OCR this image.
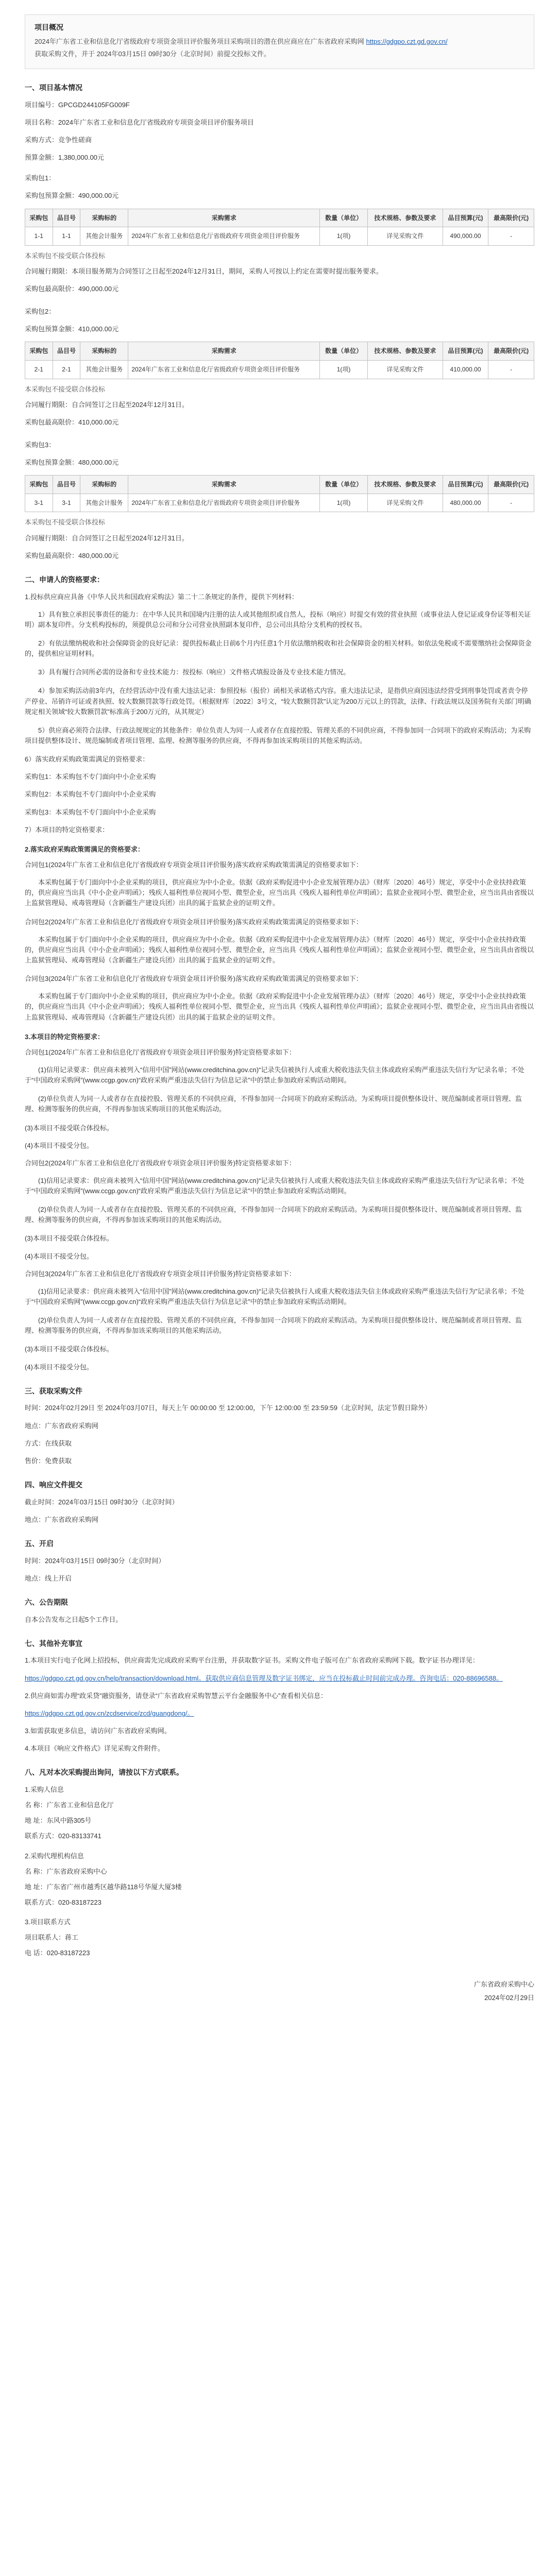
项目概况

2024年广东省工业和信息化厅省级政府专项资金项目评价服务项目采购项目的潜在供应商应在广东省政府采购网 https://gdgpo.czt.gd.gov.cn/

获取采购文件，并于 2024年03月15日 09时30分（北京时间）前提交投标文件。

一、项目基本情况

项目编号：GPCGD244105FG009F

项目名称：2024年广东省工业和信息化厅省级政府专项资金项目评价服务项目

采购方式：竞争性磋商

预算金额：1,380,000.00元

采购包1：

采购包预算金额：490,000.00元

采购包	品目号	采购标的	采购需求	数量（单位）	技术规格、参数及要求	品目预算(元)	最高限价(元)
1-1	1-1	其他会计服务	2024年广东省工业和信息化厅省级政府专项资金项目评价服务	1(项)	详见采购文件	490,000.00	-

本采购包不接受联合体投标

合同履行期限：本项目服务期为合同签订之日起至2024年12月31日，期间，采购人可按以上约定在需要时提出服务要求。

采购包最高限价：490,000.00元

采购包2：

采购包预算金额：410,000.00元

采购包	品目号	采购标的	采购需求	数量（单位）	技术规格、参数及要求	品目预算(元)	最高限价(元)
2-1	2-1	其他会计服务	2024年广东省工业和信息化厅省级政府专项资金项目评价服务	1(项)	详见采购文件	410,000.00	-

本采购包不接受联合体投标

合同履行期限：自合同签订之日起至2024年12月31日。

采购包最高限价：410,000.00元

采购包3：

采购包预算金额：480,000.00元

采购包	品目号	采购标的	采购需求	数量（单位）	技术规格、参数及要求	品目预算(元)	最高限价(元)
3-1	3-1	其他会计服务	2024年广东省工业和信息化厅省级政府专项资金项目评价服务	1(项)	详见采购文件	480,000.00	-

本采购包不接受联合体投标

合同履行期限：自合同签订之日起至2024年12月31日。

采购包最高限价：480,000.00元

二、申请人的资格要求：

1.投标供应商应具备《中华人民共和国政府采购法》第二十二条规定的条件，提供下列材料：

1）具有独立承担民事责任的能力：在中华人民共和国境内注册的法人或其他组织或自然人，投标（响应）时提交有效的营业执照（或事业法人登记证或身份证等相关证明）副本复印件。分支机构投标的，须提供总公司和分公司营业执照副本复印件，总公司出具给分支机构的授权书。

2）有依法缴纳税收和社会保障资金的良好记录：提供投标截止日前6个月内任意1个月依法缴纳税收和社会保障资金的相关材料。如依法免税或不需要缴纳社会保障资金的，提供相应证明材料。

3）具有履行合同所必需的设备和专业技术能力：按投标（响应）文件格式填报设备及专业技术能力情况。

4）参加采购活动前3年内，在经营活动中没有重大违法记录：参照投标（报价）函相关承诺格式内容。重大违法记录，是指供应商因违法经营受到刑事处罚或者责令停产停业、吊销许可证或者执照、较大数额罚款等行政处罚。（根据财库〔2022〕3号文，“较大数额罚款”认定为200万元以上的罚款，法律、行政法规以及国务院有关部门明确规定相关领域“较大数额罚款”标准高于200万元的，从其规定）

5）供应商必须符合法律、行政法规规定的其他条件：单位负责人为同一人或者存在直接控股、管理关系的不同供应商，不得参加同一合同项下的政府采购活动；为采购项目提供整体设计、规范编制或者项目管理、监理、检测等服务的供应商，不得再参加该采购项目的其他采购活动。

6）落实政府采购政策需满足的资格要求：

采购包1：本采购包不专门面向中小企业采购

采购包2：本采购包不专门面向中小企业采购

采购包3：本采购包不专门面向中小企业采购

7）本项目的特定资格要求：

2.落实政府采购政策需满足的资格要求：

合同包1(2024年广东省工业和信息化厅省级政府专项资金项目评价服务)落实政府采购政策需满足的资格要求如下：

本采购包属于专门面向中小企业采购的项目，供应商应为中小企业。依据《政府采购促进中小企业发展管理办法》（财库〔2020〕46号）规定，享受中小企业扶持政策的，供应商应当出具《中小企业声明函》；残疾人福利性单位视同小型、微型企业，应当出具《残疾人福利性单位声明函》；监狱企业视同小型、微型企业，应当出具由省级以上监狱管理局、戒毒管理局（含新疆生产建设兵团）出具的属于监狱企业的证明文件。

合同包2(2024年广东省工业和信息化厅省级政府专项资金项目评价服务)落实政府采购政策需满足的资格要求如下：

本采购包属于专门面向中小企业采购的项目，供应商应为中小企业。依据《政府采购促进中小企业发展管理办法》（财库〔2020〕46号）规定，享受中小企业扶持政策的，供应商应当出具《中小企业声明函》；残疾人福利性单位视同小型、微型企业，应当出具《残疾人福利性单位声明函》；监狱企业视同小型、微型企业，应当出具由省级以上监狱管理局、戒毒管理局（含新疆生产建设兵团）出具的属于监狱企业的证明文件。

合同包3(2024年广东省工业和信息化厅省级政府专项资金项目评价服务)落实政府采购政策需满足的资格要求如下：

本采购包属于专门面向中小企业采购的项目，供应商应为中小企业。依据《政府采购促进中小企业发展管理办法》（财库〔2020〕46号）规定，享受中小企业扶持政策的，供应商应当出具《中小企业声明函》；残疾人福利性单位视同小型、微型企业，应当出具《残疾人福利性单位声明函》；监狱企业视同小型、微型企业，应当出具由省级以上监狱管理局、戒毒管理局（含新疆生产建设兵团）出具的属于监狱企业的证明文件。

3.本项目的特定资格要求：

合同包1(2024年广东省工业和信息化厅省级政府专项资金项目评价服务)特定资格要求如下：

(1)信用记录要求：供应商未被列入“信用中国”网站(www.creditchina.gov.cn)“记录失信被执行人或重大税收违法失信主体或政府采购严重违法失信行为”记录名单；不处于“中国政府采购网”(www.ccgp.gov.cn)“政府采购严重违法失信行为信息记录”中的禁止参加政府采购活动期间。

(2)单位负责人为同一人或者存在直接控股、管理关系的不同供应商，不得参加同一合同项下的政府采购活动。为采购项目提供整体设计、规范编制或者项目管理、监理、检测等服务的供应商，不得再参加该采购项目的其他采购活动。

(3)本项目不接受联合体投标。

(4)本项目不接受分包。

合同包2(2024年广东省工业和信息化厅省级政府专项资金项目评价服务)特定资格要求如下：

(1)信用记录要求：供应商未被列入“信用中国”网站(www.creditchina.gov.cn)“记录失信被执行人或重大税收违法失信主体或政府采购严重违法失信行为”记录名单；不处于“中国政府采购网”(www.ccgp.gov.cn)“政府采购严重违法失信行为信息记录”中的禁止参加政府采购活动期间。

(2)单位负责人为同一人或者存在直接控股、管理关系的不同供应商，不得参加同一合同项下的政府采购活动。为采购项目提供整体设计、规范编制或者项目管理、监理、检测等服务的供应商，不得再参加该采购项目的其他采购活动。

(3)本项目不接受联合体投标。

(4)本项目不接受分包。

合同包3(2024年广东省工业和信息化厅省级政府专项资金项目评价服务)特定资格要求如下：

(1)信用记录要求：供应商未被列入“信用中国”网站(www.creditchina.gov.cn)“记录失信被执行人或重大税收违法失信主体或政府采购严重违法失信行为”记录名单；不处于“中国政府采购网”(www.ccgp.gov.cn)“政府采购严重违法失信行为信息记录”中的禁止参加政府采购活动期间。

(2)单位负责人为同一人或者存在直接控股、管理关系的不同供应商，不得参加同一合同项下的政府采购活动。为采购项目提供整体设计、规范编制或者项目管理、监理、检测等服务的供应商，不得再参加该采购项目的其他采购活动。

(3)本项目不接受联合体投标。

(4)本项目不接受分包。

三、获取采购文件

时间：2024年02月29日 至 2024年03月07日，每天上午 00:00:00 至 12:00:00，下午 12:00:00 至 23:59:59（北京时间，法定节假日除外）

地点：广东省政府采购网

方式：在线获取

售价：免费获取

四、响应文件提交

截止时间：2024年03月15日 09时30分（北京时间）

地点：广东省政府采购网

五、开启

时间：2024年03月15日 09时30分（北京时间）

地点：线上开启

六、公告期限

自本公告发布之日起5个工作日。

七、其他补充事宜

1.本项目实行电子化网上招投标，供应商需先完成政府采购平台注册，并获取数字证书。采购文件电子版可在广东省政府采购网下载。数字证书办理详见：

https://gdgpo.czt.gd.gov.cn/help/transaction/download.html。获取供应商信息管理及数字证书绑定，应当在投标截止时间前完成办理。咨询电话：020-88696588。

2.供应商如需办理“政采贷”融资服务，请登录“广东省政府采购智慧云平台金融服务中心”查看相关信息：

https://gdgpo.czt.gd.gov.cn/zcdservice/zcd/guangdong/。

3.如需获取更多信息，请访问广东省政府采购网。

4.本项目《响应文件格式》详见采购文件附件。

八、凡对本次采购提出询问，请按以下方式联系。

1.采购人信息

名 称：广东省工业和信息化厅

地 址：东风中路305号

联系方式：020-83133741

2.采购代理机构信息

名 称：广东省政府采购中心

地 址：广东省广州市越秀区越华路118号华厦大厦3楼

联系方式：020-83187223

3.项目联系方式

项目联系人：蒋工

电 话：020-83187223

广东省政府采购中心
2024年02月29日
